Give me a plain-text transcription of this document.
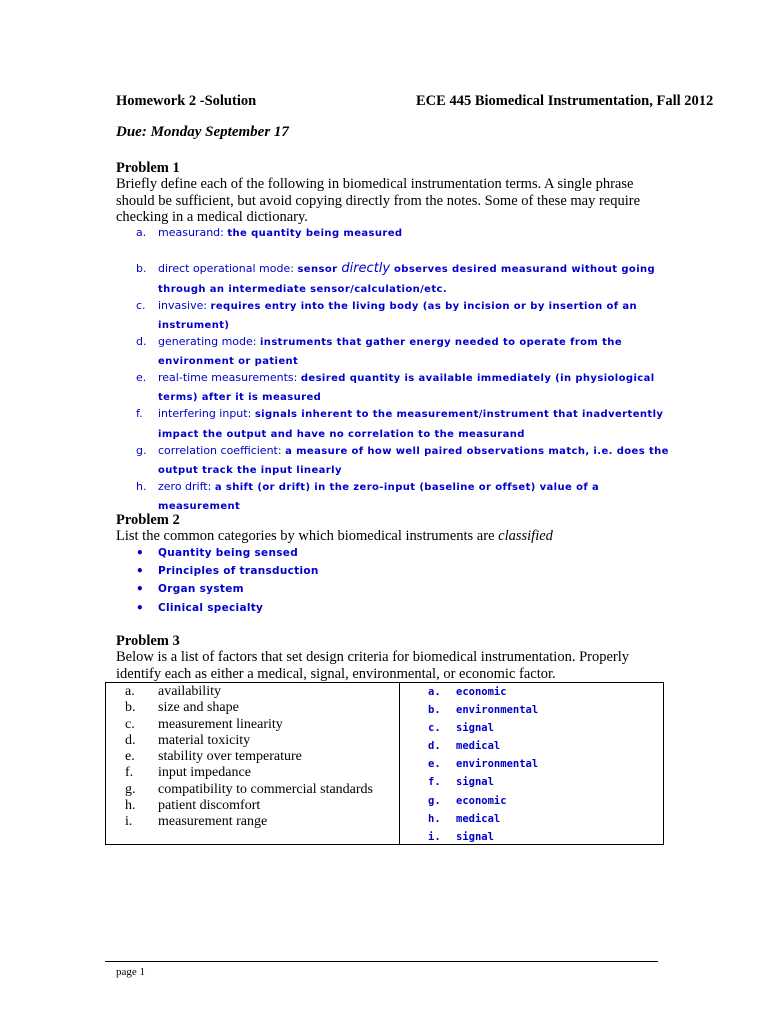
Homework 2 -Solution	ECE 445 Biomedical Instrumentation, Fall 2012
Due: Monday September 17
Problem 1
Briefly define each of the following in biomedical instrumentation terms. A single phrase should be sufficient, but avoid copying directly from the notes. Some of these may require checking in a medical dictionary.
a.	measurand: the quantity being measured
b.	direct operational mode: sensor directly observes desired measurand without going through an intermediate sensor/calculation/etc.
c.	invasive: requires entry into the living body (as by incision or by insertion of an instrument)
d.	generating mode: instruments that gather energy needed to operate from the environment or patient
e.	real-time measurements: desired quantity is available immediately (in physiological terms) after it is measured
f.	interfering input: signals inherent to the measurement/instrument that inadvertently impact the output and have no correlation to the measurand
g.	correlation coefficient: a measure of how well paired observations match, i.e. does the output track the input linearly
h.	zero drift: a shift (or drift) in the zero-input (baseline or offset) value of a measurement
Problem 2
List the common categories by which biomedical instruments are classified
•	Quantity being sensed
•	Principles of transduction
•	Organ system
•	Clinical specialty
Problem 3
Below is a list of factors that set design criteria for biomedical instrumentation. Properly identify each as either a medical, signal, environmental, or economic factor.
a.	availability
b.	size and shape
c.	measurement linearity
d.	material toxicity
e.	stability over temperature
f.	input impedance
g.	compatibility to commercial standards
h.	patient discomfort
i.	measurement range
a.	economic
b.	environmental
c.	signal
d.	medical
e.	environmental
f.	signal
g.	economic
h.	medical
i.	signal
page 1
